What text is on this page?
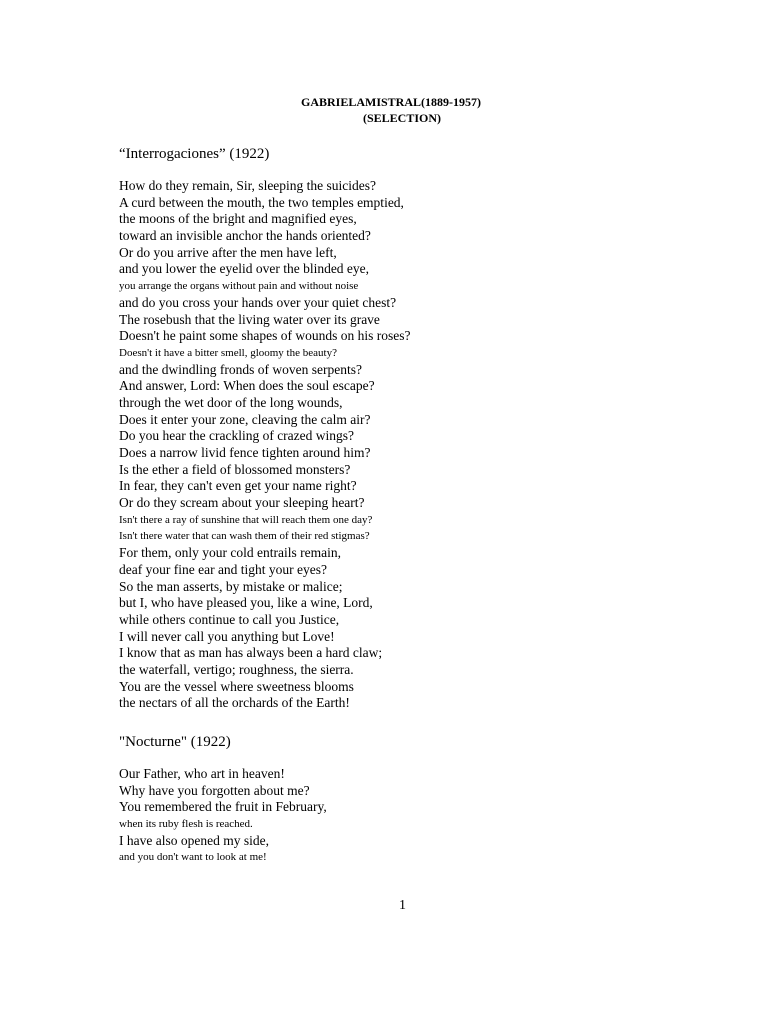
GABRIELAMISTRAL(1889-1957)
(SELECTION)
“Interrogaciones” (1922)
How do they remain, Sir, sleeping the suicides?
A curd between the mouth, the two temples emptied,
the moons of the bright and magnified eyes,
toward an invisible anchor the hands oriented?
Or do you arrive after the men have left,
and you lower the eyelid over the blinded eye,
you arrange the organs without pain and without noise
and do you cross your hands over your quiet chest?
The rosebush that the living water over its grave
Doesn't he paint some shapes of wounds on his roses?
Doesn't it have a bitter smell, gloomy the beauty?
and the dwindling fronds of woven serpents?
And answer, Lord: When does the soul escape?
through the wet door of the long wounds,
Does it enter your zone, cleaving the calm air?
Do you hear the crackling of crazed wings?
Does a narrow livid fence tighten around him?
Is the ether a field of blossomed monsters?
In fear, they can't even get your name right?
Or do they scream about your sleeping heart?
Isn't there a ray of sunshine that will reach them one day?
Isn't there water that can wash them of their red stigmas?
For them, only your cold entrails remain,
deaf your fine ear and tight your eyes?
So the man asserts, by mistake or malice;
but I, who have pleased you, like a wine, Lord,
while others continue to call you Justice,
I will never call you anything but Love!
I know that as man has always been a hard claw;
the waterfall, vertigo; roughness, the sierra.
You are the vessel where sweetness blooms
the nectars of all the orchards of the Earth!
"Nocturne" (1922)
Our Father, who art in heaven!
Why have you forgotten about me?
You remembered the fruit in February,
when its ruby flesh is reached.
I have also opened my side,
and you don't want to look at me!
1
